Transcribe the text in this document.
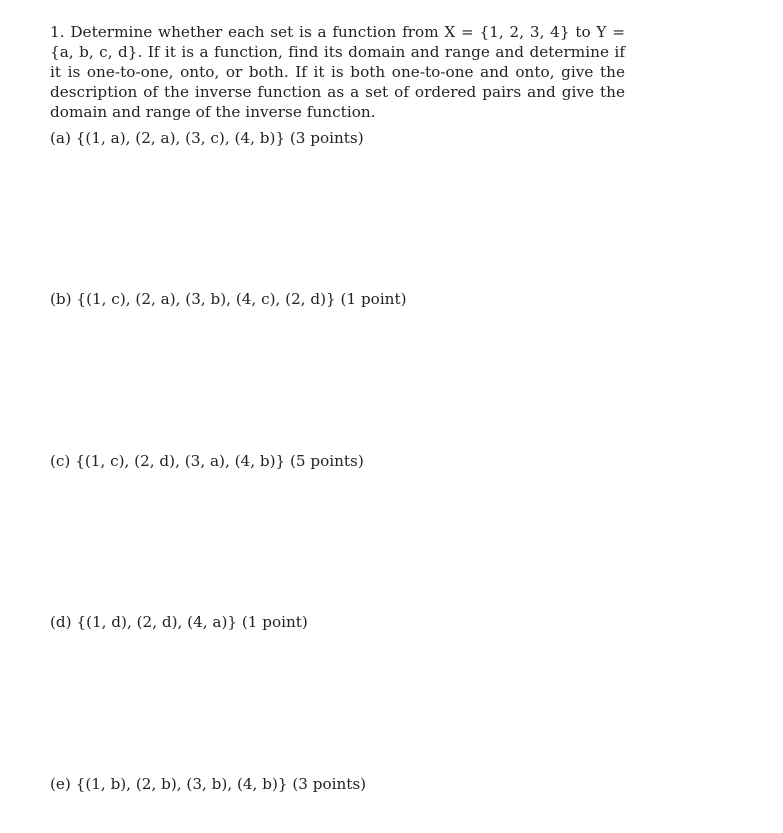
1. Determine whether each set is a function from X = {1, 2, 3, 4} to Y = {a, b, c, d}. If it is a function, find its domain and range and determine if it is one-to-one, onto, or both. If it is both one-to-one and onto, give the description of the inverse function as a set of ordered pairs and give the domain and range of the inverse function.
(a) {(1, a), (2, a), (3, c), (4, b)} (3 points)
(b) {(1, c), (2, a), (3, b), (4, c), (2, d)} (1 point)
(c) {(1, c), (2, d), (3, a), (4, b)} (5 points)
(d) {(1, d), (2, d), (4, a)} (1 point)
(e) {(1, b), (2, b), (3, b), (4, b)} (3 points)
